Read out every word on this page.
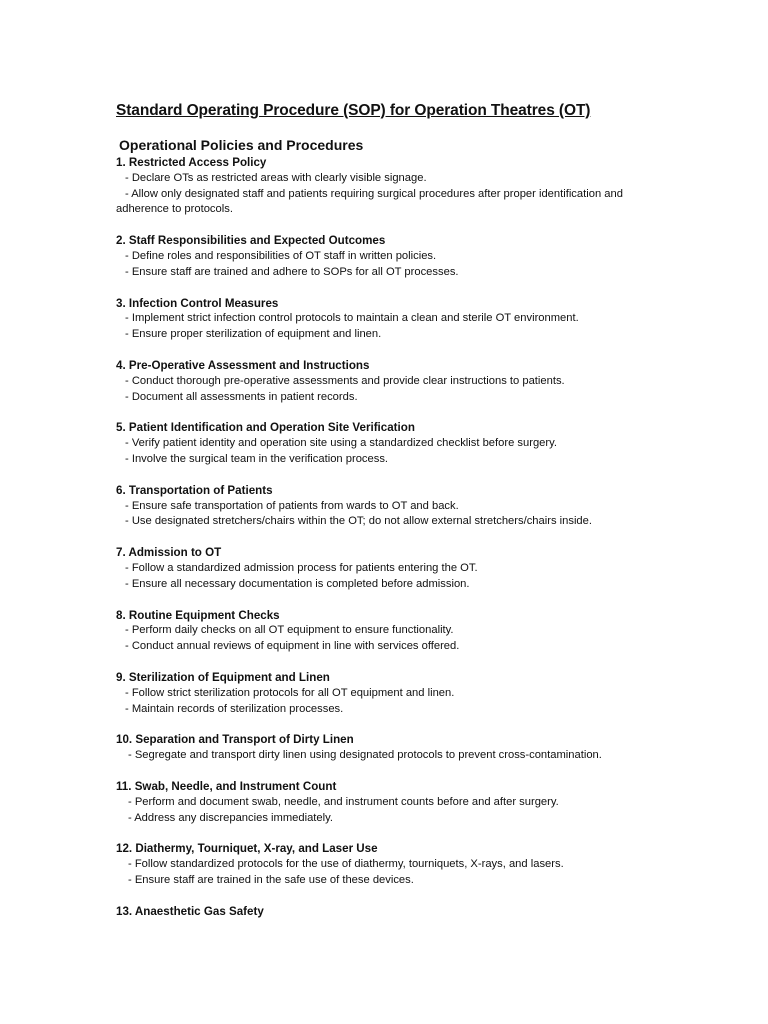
Standard Operating Procedure (SOP) for Operation Theatres (OT)
Operational Policies and Procedures
1. Restricted Access Policy
- Declare OTs as restricted areas with clearly visible signage.
- Allow only designated staff and patients requiring surgical procedures after proper identification and adherence to protocols.
2. Staff Responsibilities and Expected Outcomes
- Define roles and responsibilities of OT staff in written policies.
- Ensure staff are trained and adhere to SOPs for all OT processes.
3. Infection Control Measures
- Implement strict infection control protocols to maintain a clean and sterile OT environment.
- Ensure proper sterilization of equipment and linen.
4. Pre-Operative Assessment and Instructions
- Conduct thorough pre-operative assessments and provide clear instructions to patients.
- Document all assessments in patient records.
5. Patient Identification and Operation Site Verification
- Verify patient identity and operation site using a standardized checklist before surgery.
- Involve the surgical team in the verification process.
6. Transportation of Patients
- Ensure safe transportation of patients from wards to OT and back.
- Use designated stretchers/chairs within the OT; do not allow external stretchers/chairs inside.
7. Admission to OT
- Follow a standardized admission process for patients entering the OT.
- Ensure all necessary documentation is completed before admission.
8. Routine Equipment Checks
- Perform daily checks on all OT equipment to ensure functionality.
- Conduct annual reviews of equipment in line with services offered.
9. Sterilization of Equipment and Linen
- Follow strict sterilization protocols for all OT equipment and linen.
- Maintain records of sterilization processes.
10. Separation and Transport of Dirty Linen
- Segregate and transport dirty linen using designated protocols to prevent cross-contamination.
11. Swab, Needle, and Instrument Count
- Perform and document swab, needle, and instrument counts before and after surgery.
- Address any discrepancies immediately.
12. Diathermy, Tourniquet, X-ray, and Laser Use
- Follow standardized protocols for the use of diathermy, tourniquets, X-rays, and lasers.
- Ensure staff are trained in the safe use of these devices.
13. Anaesthetic Gas Safety
